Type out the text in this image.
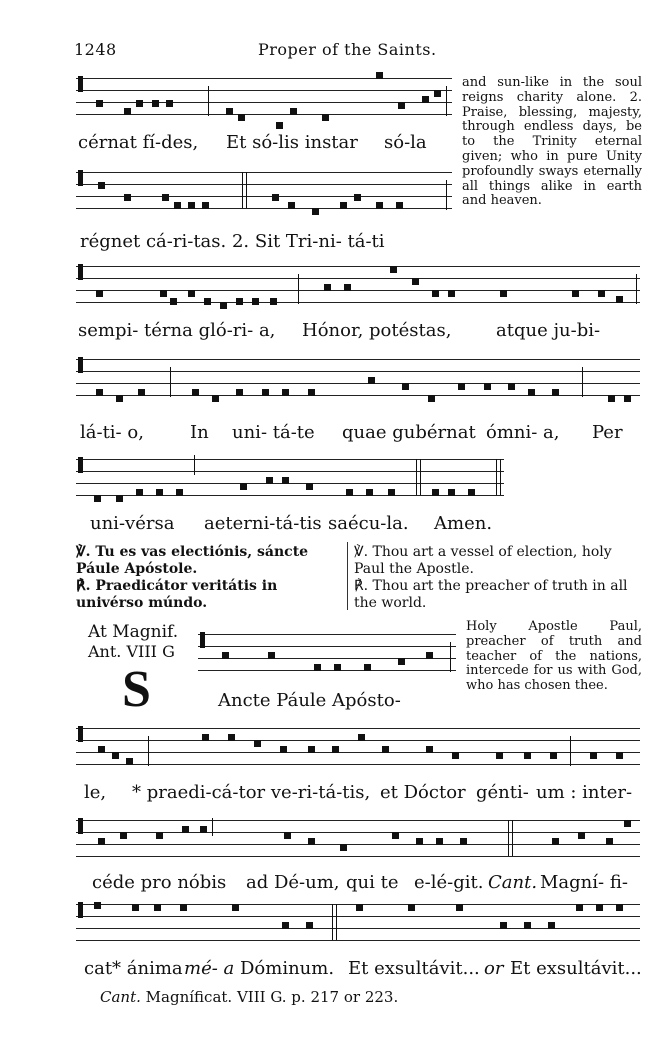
1248	Proper of the Saints.
cérnat fí-des, Et só-lis instar só-la
régnet cá-ri-tas. 2. Sit Tri-ni- tá-ti
and sun-like in the soul reigns charity alone. 2. Praise, blessing, majesty, through endless days, be to the Trinity eternal given; who in pure Unity profoundly sways eternally all things alike in earth and heaven.
sempi- térna gló-ri- a, Hónor, potéstas, atque ju-bi-
lá-ti- o,	In uni- tá-te quae gubérnat ómni- a, Per
uni-vérsa aeterni-tá-tis saécu-la. Amen.
℣. Tu es vas electiónis, sáncte Páule Apóstole.
℟. Praedicátor veritátis in univérso múndo.
℣. Thou art a vessel of election, holy Paul the Apostle.
℟. Thou art the preacher of truth in all the world.
At Magnif.
Ant. VIII G
S	Ancte Páule Apósto-
Holy Apostle Paul, preacher of truth and teacher of the nations, intercede for us with God, who has chosen thee.
le, * praedi-cá-tor ve-ri-tá-tis, et Dóctor génti- um : inter-
céde pro nóbis ad Dé-um, qui te e-lé-git. Cant. Magní- fi-
cat* ánima mé- a Dóminum. Et exsultávit... or Et exsultávit...
Cant. Magníficat. VIII G. p. 217 or 223.
